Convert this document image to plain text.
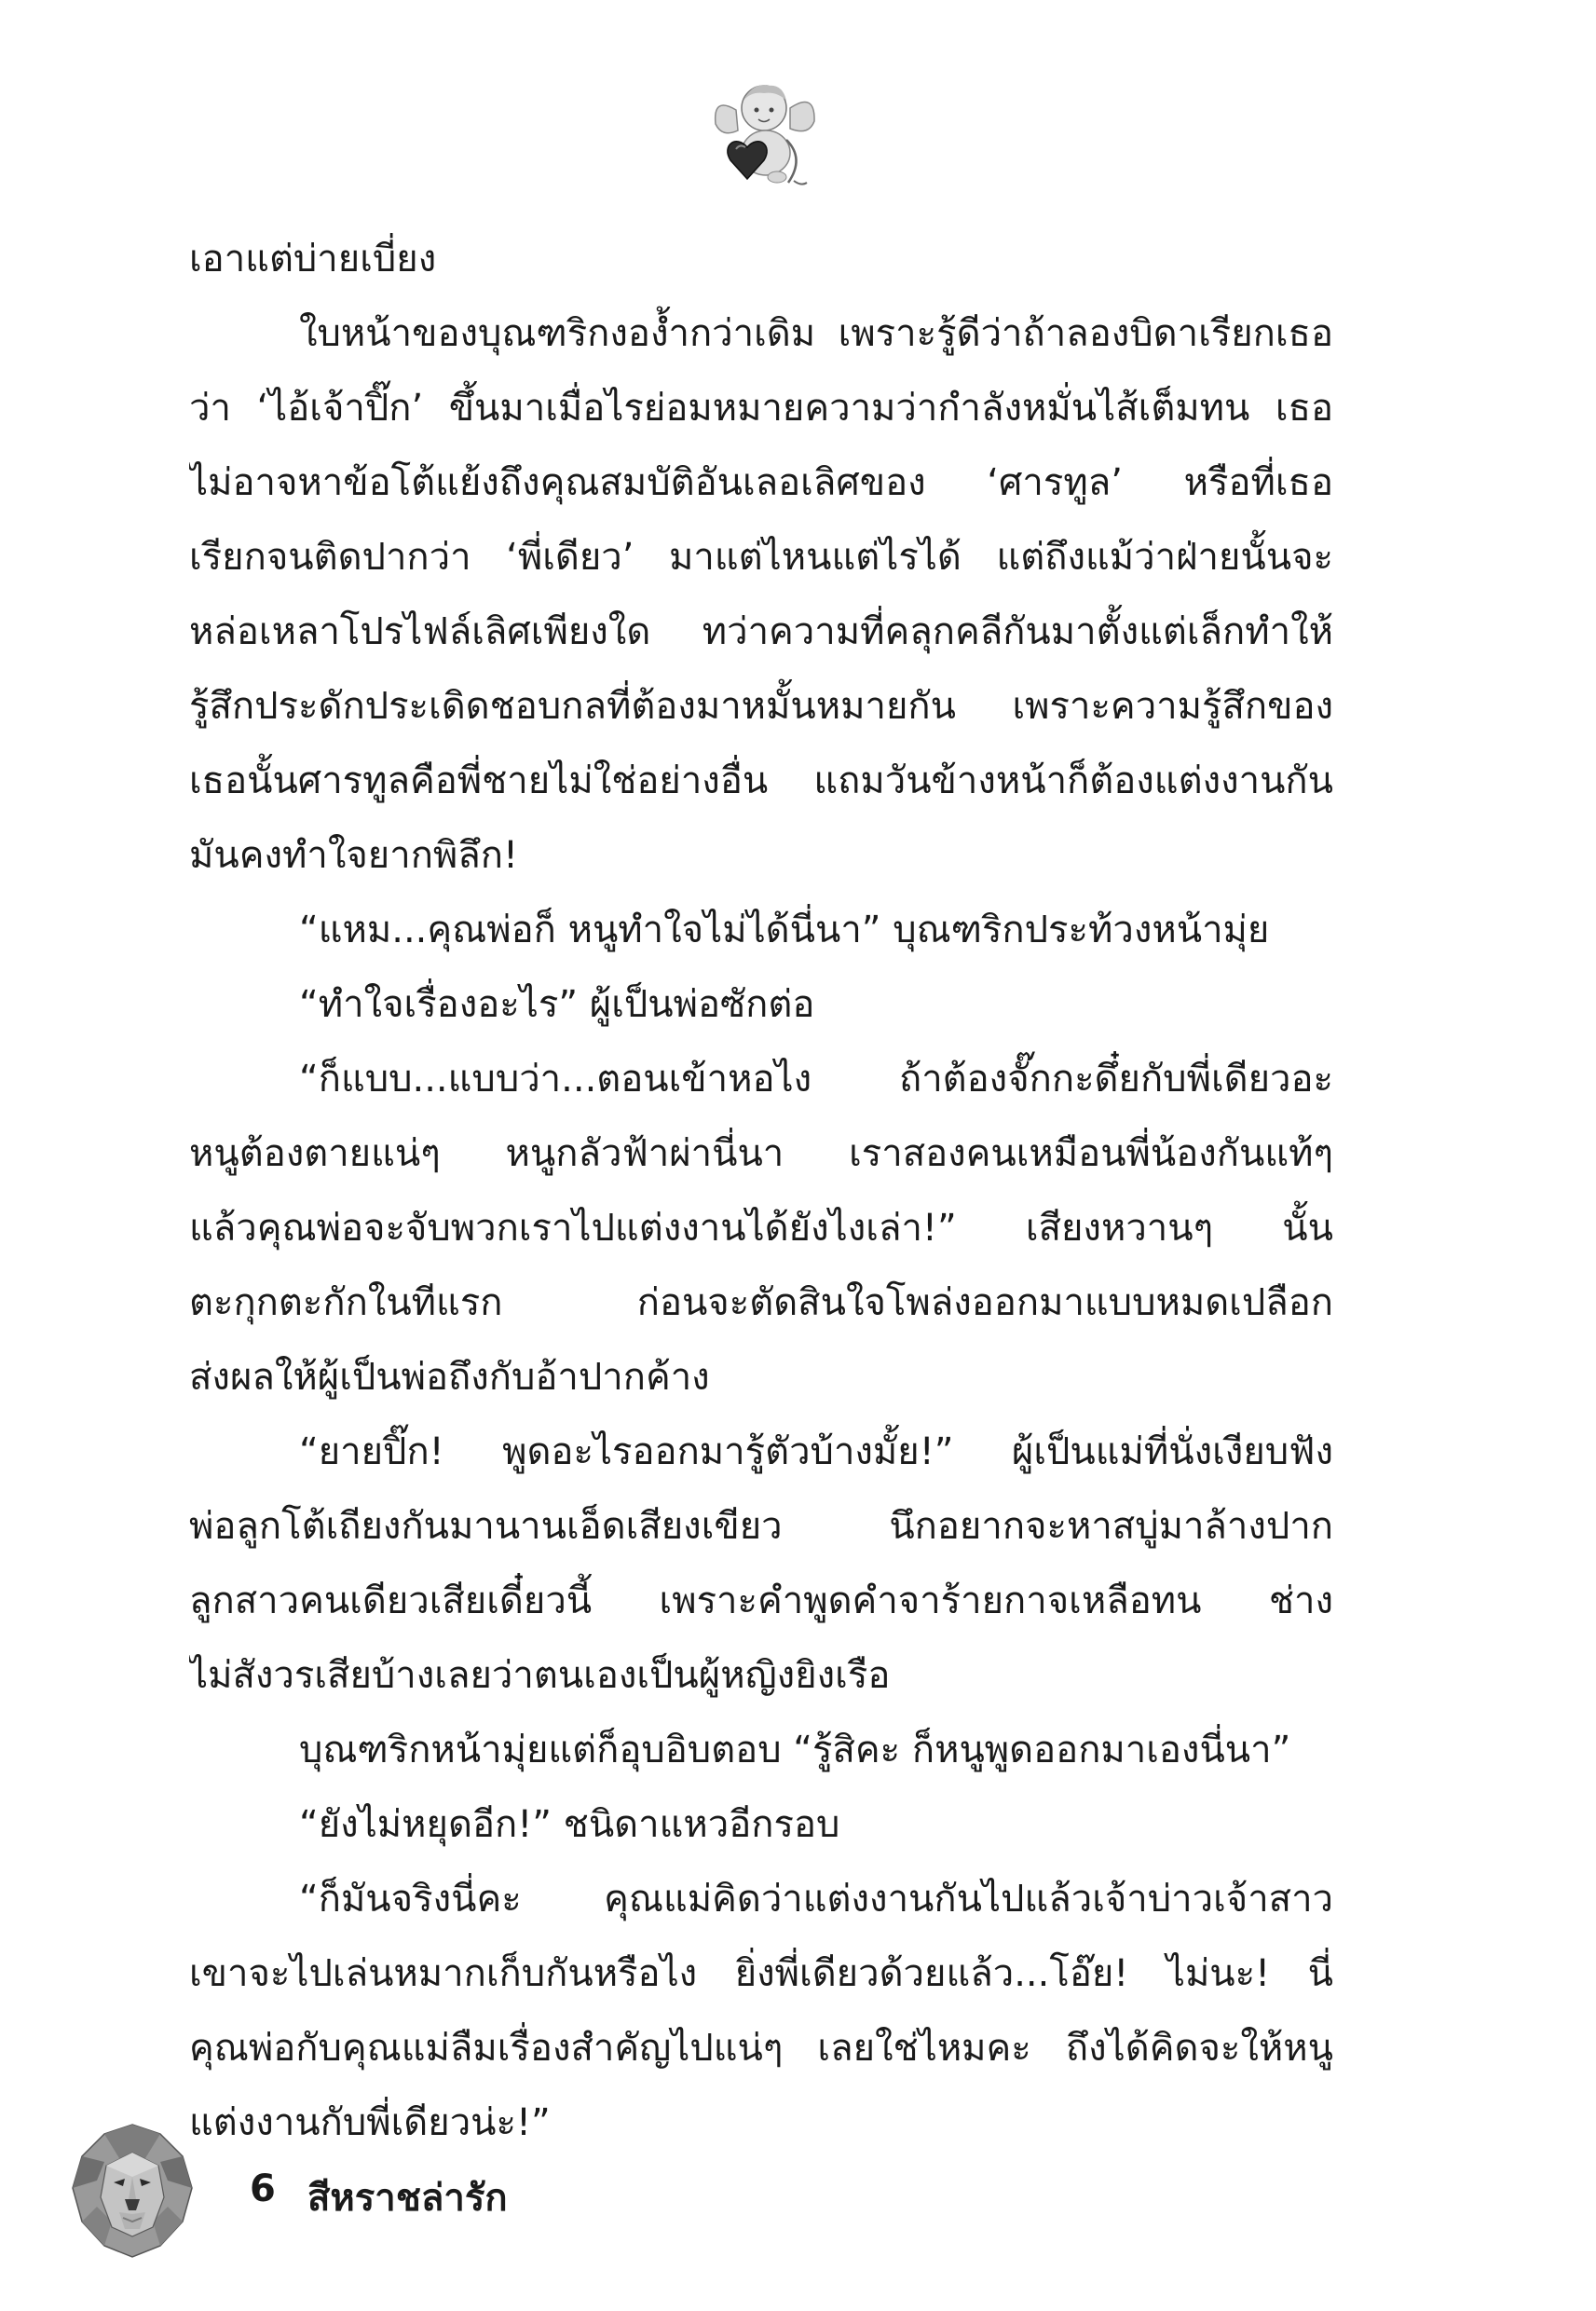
เอาแต่บ่ายเบี่ยง
ใบหน้าของบุณฑริกงอง้ำกว่าเดิม เพราะรู้ดีว่าถ้าลองบิดาเรียกเธอ
ว่า ‘ไอ้เจ้าปิ๊ก’ ขึ้นมาเมื่อไรย่อมหมายความว่ากำลังหมั่นไส้เต็มทน เธอ
ไม่อาจหาข้อโต้แย้งถึงคุณสมบัติอันเลอเลิศของ ‘ศารทูล’ หรือที่เธอ
เรียกจนติดปากว่า ‘พี่เดียว’ มาแต่ไหนแต่ไรได้ แต่ถึงแม้ว่าฝ่ายนั้นจะ
หล่อเหลาโปรไฟล์เลิศเพียงใด ทว่าความที่คลุกคลีกันมาตั้งแต่เล็กทำให้
รู้สึกประดักประเดิดชอบกลที่ต้องมาหมั้นหมายกัน เพราะความรู้สึกของ
เธอนั้นศารทูลคือพี่ชายไม่ใช่อย่างอื่น แถมวันข้างหน้าก็ต้องแต่งงานกัน
มันคงทำใจยากพิลึก!
“แหม...คุณพ่อก็ หนูทำใจไม่ได้นี่นา” บุณฑริกประท้วงหน้ามุ่ย
“ทำใจเรื่องอะไร” ผู้เป็นพ่อซักต่อ
“ก็แบบ...แบบว่า...ตอนเข้าหอไง ถ้าต้องจั๊กกะดึ๋ยกับพี่เดียวอะ
หนูต้องตายแน่ๆ หนูกลัวฟ้าผ่านี่นา เราสองคนเหมือนพี่น้องกันแท้ๆ
แล้วคุณพ่อจะจับพวกเราไปแต่งงานได้ยังไงเล่า!” เสียงหวานๆ นั้น
ตะกุกตะกักในทีแรก ก่อนจะตัดสินใจโพล่งออกมาแบบหมดเปลือก
ส่งผลให้ผู้เป็นพ่อถึงกับอ้าปากค้าง
“ยายปิ๊ก! พูดอะไรออกมารู้ตัวบ้างมั้ย!” ผู้เป็นแม่ที่นั่งเงียบฟัง
พ่อลูกโต้เถียงกันมานานเอ็ดเสียงเขียว นึกอยากจะหาสบู่มาล้างปาก
ลูกสาวคนเดียวเสียเดี๋ยวนี้ เพราะคำพูดคำจาร้ายกาจเหลือทน ช่าง
ไม่สังวรเสียบ้างเลยว่าตนเองเป็นผู้หญิงยิงเรือ
บุณฑริกหน้ามุ่ยแต่ก็อุบอิบตอบ “รู้สิคะ ก็หนูพูดออกมาเองนี่นา”
“ยังไม่หยุดอีก!” ชนิดาแหวอีกรอบ
“ก็มันจริงนี่คะ คุณแม่คิดว่าแต่งงานกันไปแล้วเจ้าบ่าวเจ้าสาว
เขาจะไปเล่นหมากเก็บกันหรือไง ยิ่งพี่เดียวด้วยแล้ว...โอ๊ย! ไม่นะ! นี่
คุณพ่อกับคุณแม่ลืมเรื่องสำคัญไปแน่ๆ เลยใช่ไหมคะ ถึงได้คิดจะให้หนู
แต่งงานกับพี่เดียวน่ะ!”
6 สีหราชล่ารัก
